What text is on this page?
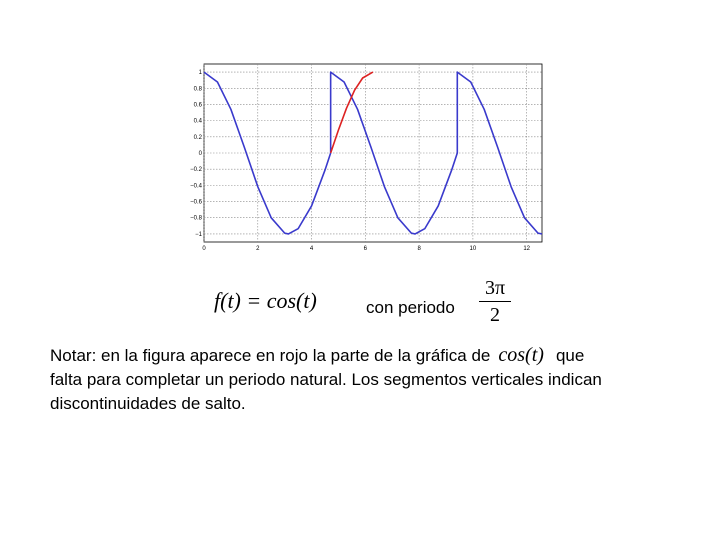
0	2	4	6	8	10	12
−1
−0.8
−0.6
−0.4
−0.2
0
0.2
0.4
0.6
0.8
1
f(t) = cos(t)	con periodo
3π
2
Notar: en la figura aparece en rojo la parte de la gráfica de cos(t) que
falta para completar un periodo natural. Los segmentos verticales indican
discontinuidades de salto.
